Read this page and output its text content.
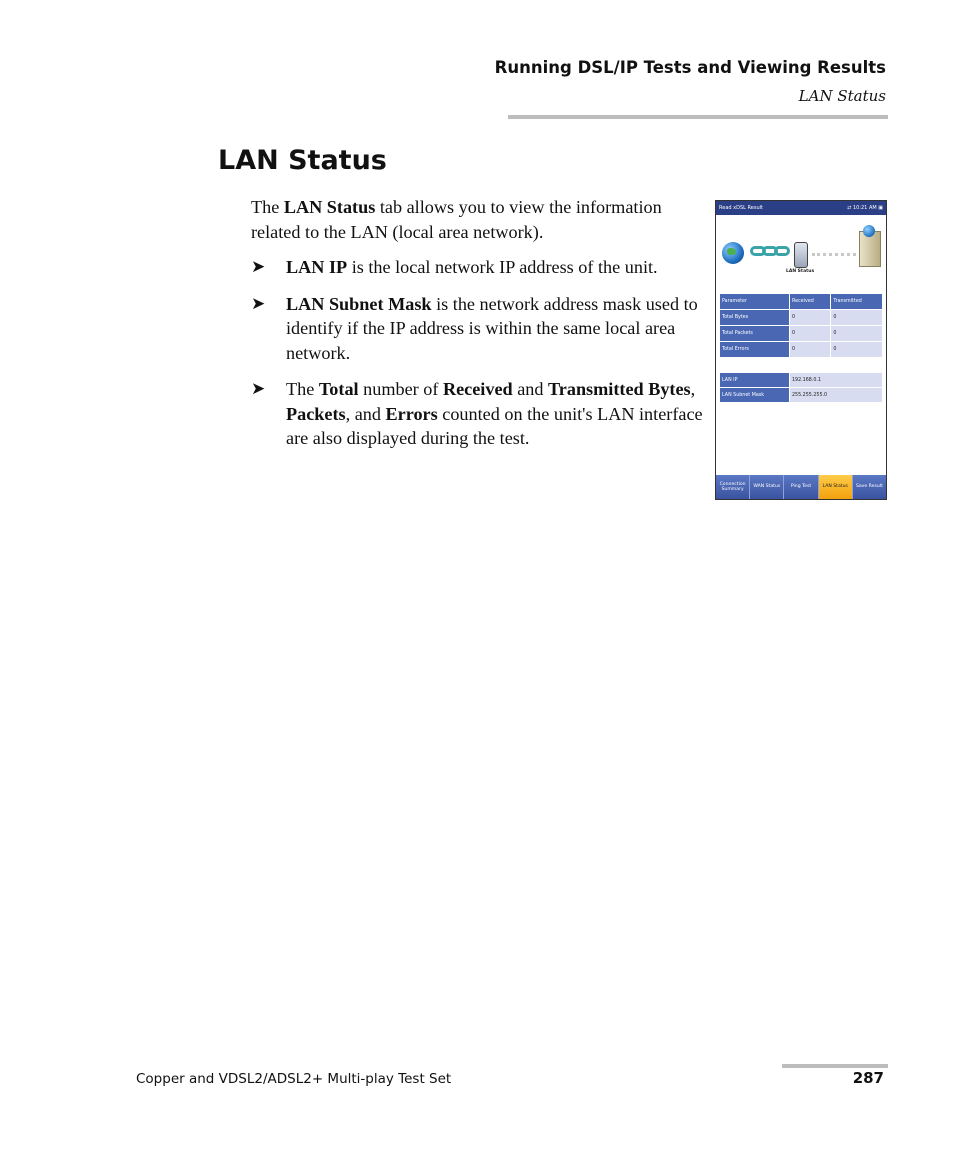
Running DSL/IP Tests and Viewing Results
LAN Status
LAN Status

The LAN Status tab allows you to view the information related to the LAN (local area network).

➤ LAN IP is the local network IP address of the unit.
➤ LAN Subnet Mask is the network address mask used to identify if the IP address is within the same local area network.
➤ The Total number of Received and Transmitted Bytes, Packets, and Errors counted on the unit's LAN interface are also displayed during the test.
Read xDSL Result	⇄ 10:21 AM ▣
LAN Status
Parameter	Received	Transmitted
Total Bytes	0	0
Total Packets	0	0
Total Errors	0	0
LAN IP	192.168.0.1
LAN Subnet Mask	255.255.255.0
Connection Summary
WAN Status	Ping Test	LAN Status	Save Result
Copper and VDSL2/ADSL2+ Multi-play Test Set	287
